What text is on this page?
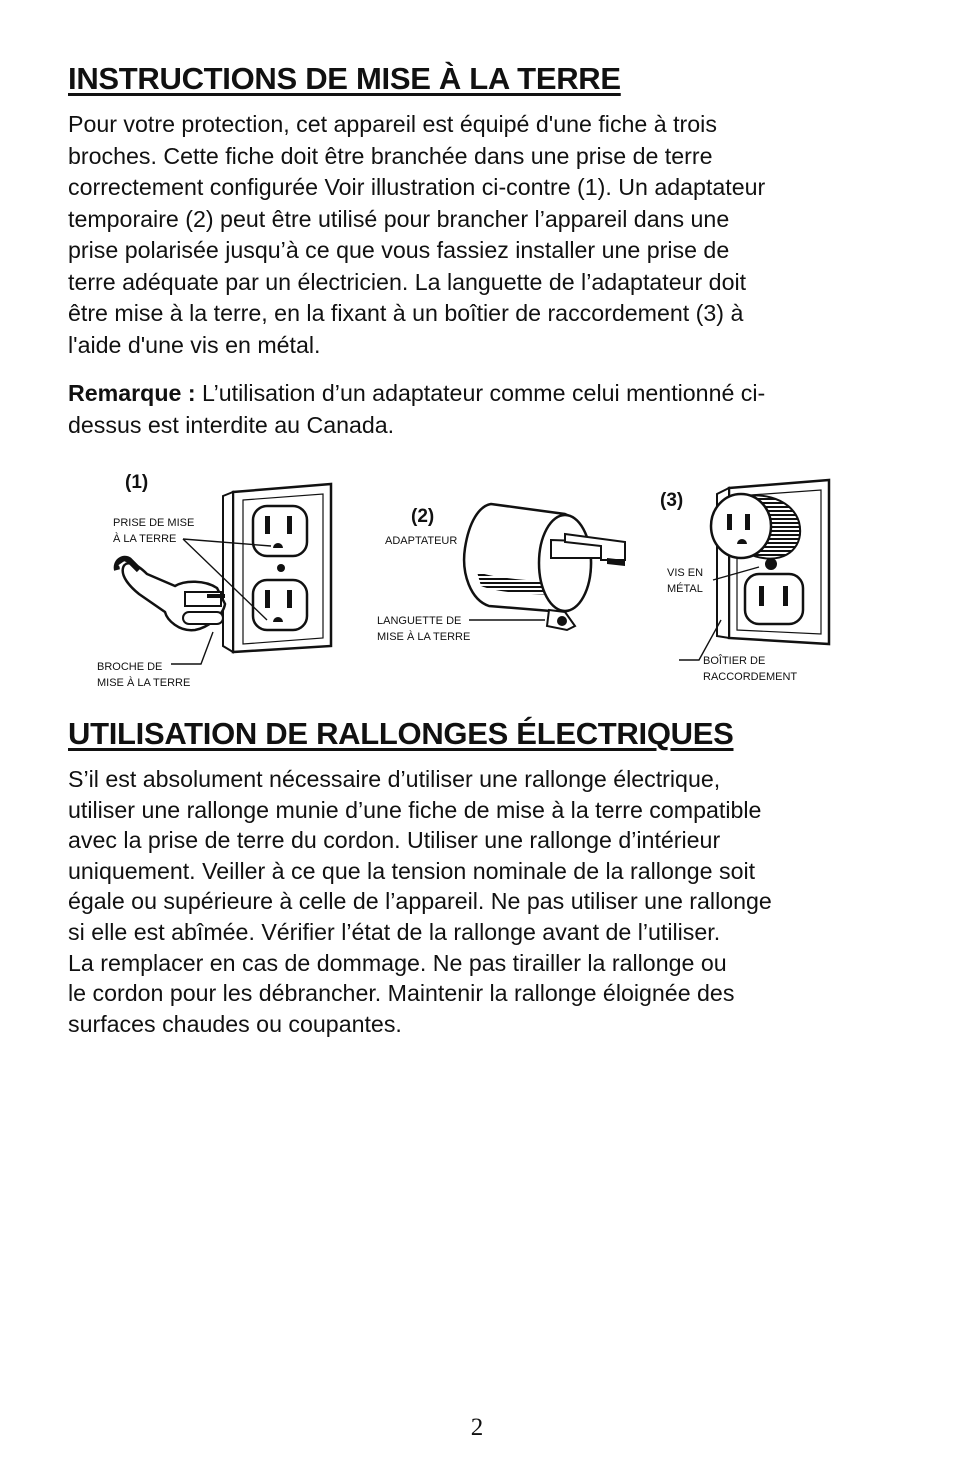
INSTRUCTIONS DE MISE À LA TERRE

Pour votre protection, cet appareil est équipé d'une fiche à trois
broches. Cette fiche doit être branchée dans une prise de terre
correctement configurée Voir illustration ci-contre (1). Un adaptateur
temporaire (2) peut être utilisé pour brancher l’appareil dans une
prise polarisée jusqu’à ce que vous fassiez installer une prise de
terre adéquate par un électricien. La languette de l’adaptateur doit
être mise à la terre, en la fixant à un boîtier de raccordement (3) à
l'aide d'une vis en métal.

Remarque : L’utilisation d’un adaptateur comme celui mentionné ci-
dessus est interdite au Canada.

(1)
PRISE DE MISE
À LA TERRE
BROCHE DE
MISE À LA TERRE
(2)
ADAPTATEUR
LANGUETTE DE
MISE À LA TERRE
(3)
VIS EN
MÉTAL
BOÎTIER DE
RACCORDEMENT
UTILISATION DE RALLONGES ÉLECTRIQUES

S’il est absolument nécessaire d’utiliser une rallonge électrique,
utiliser une rallonge munie d’une fiche de mise à la terre compatible
avec la prise de terre du cordon. Utiliser une rallonge d’intérieur
uniquement. Veiller à ce que la tension nominale de la rallonge soit
égale ou supérieure à celle de l’appareil. Ne pas utiliser une rallonge
si elle est abîmée. Vérifier l’état de la rallonge avant de l’utiliser.
La remplacer en cas de dommage. Ne pas tirailler la rallonge ou
le cordon pour les débrancher. Maintenir la rallonge éloignée des
surfaces chaudes ou coupantes.

2
